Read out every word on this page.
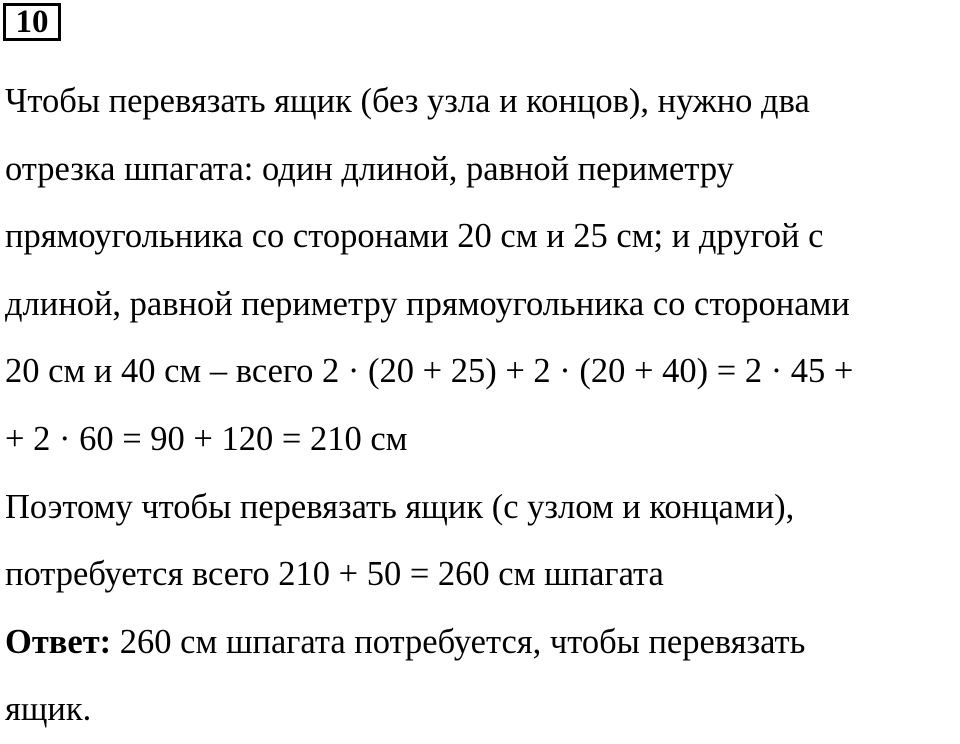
10
Чтобы перевязать ящик (без узла и концов), нужно два
отрезка шпагата: один длиной, равной периметру
прямоугольника со сторонами 20 см и 25 см; и другой с
длиной, равной периметру прямоугольника со сторонами
20 см и 40 см – всего 2 · (20 + 25) + 2 · (20 + 40) = 2 · 45 +
+ 2 · 60 = 90 + 120 = 210 см
Поэтому чтобы перевязать ящик (с узлом и концами),
потребуется всего 210 + 50 = 260 см шпагата
Ответ: 260 см шпагата потребуется, чтобы перевязать
ящик.
